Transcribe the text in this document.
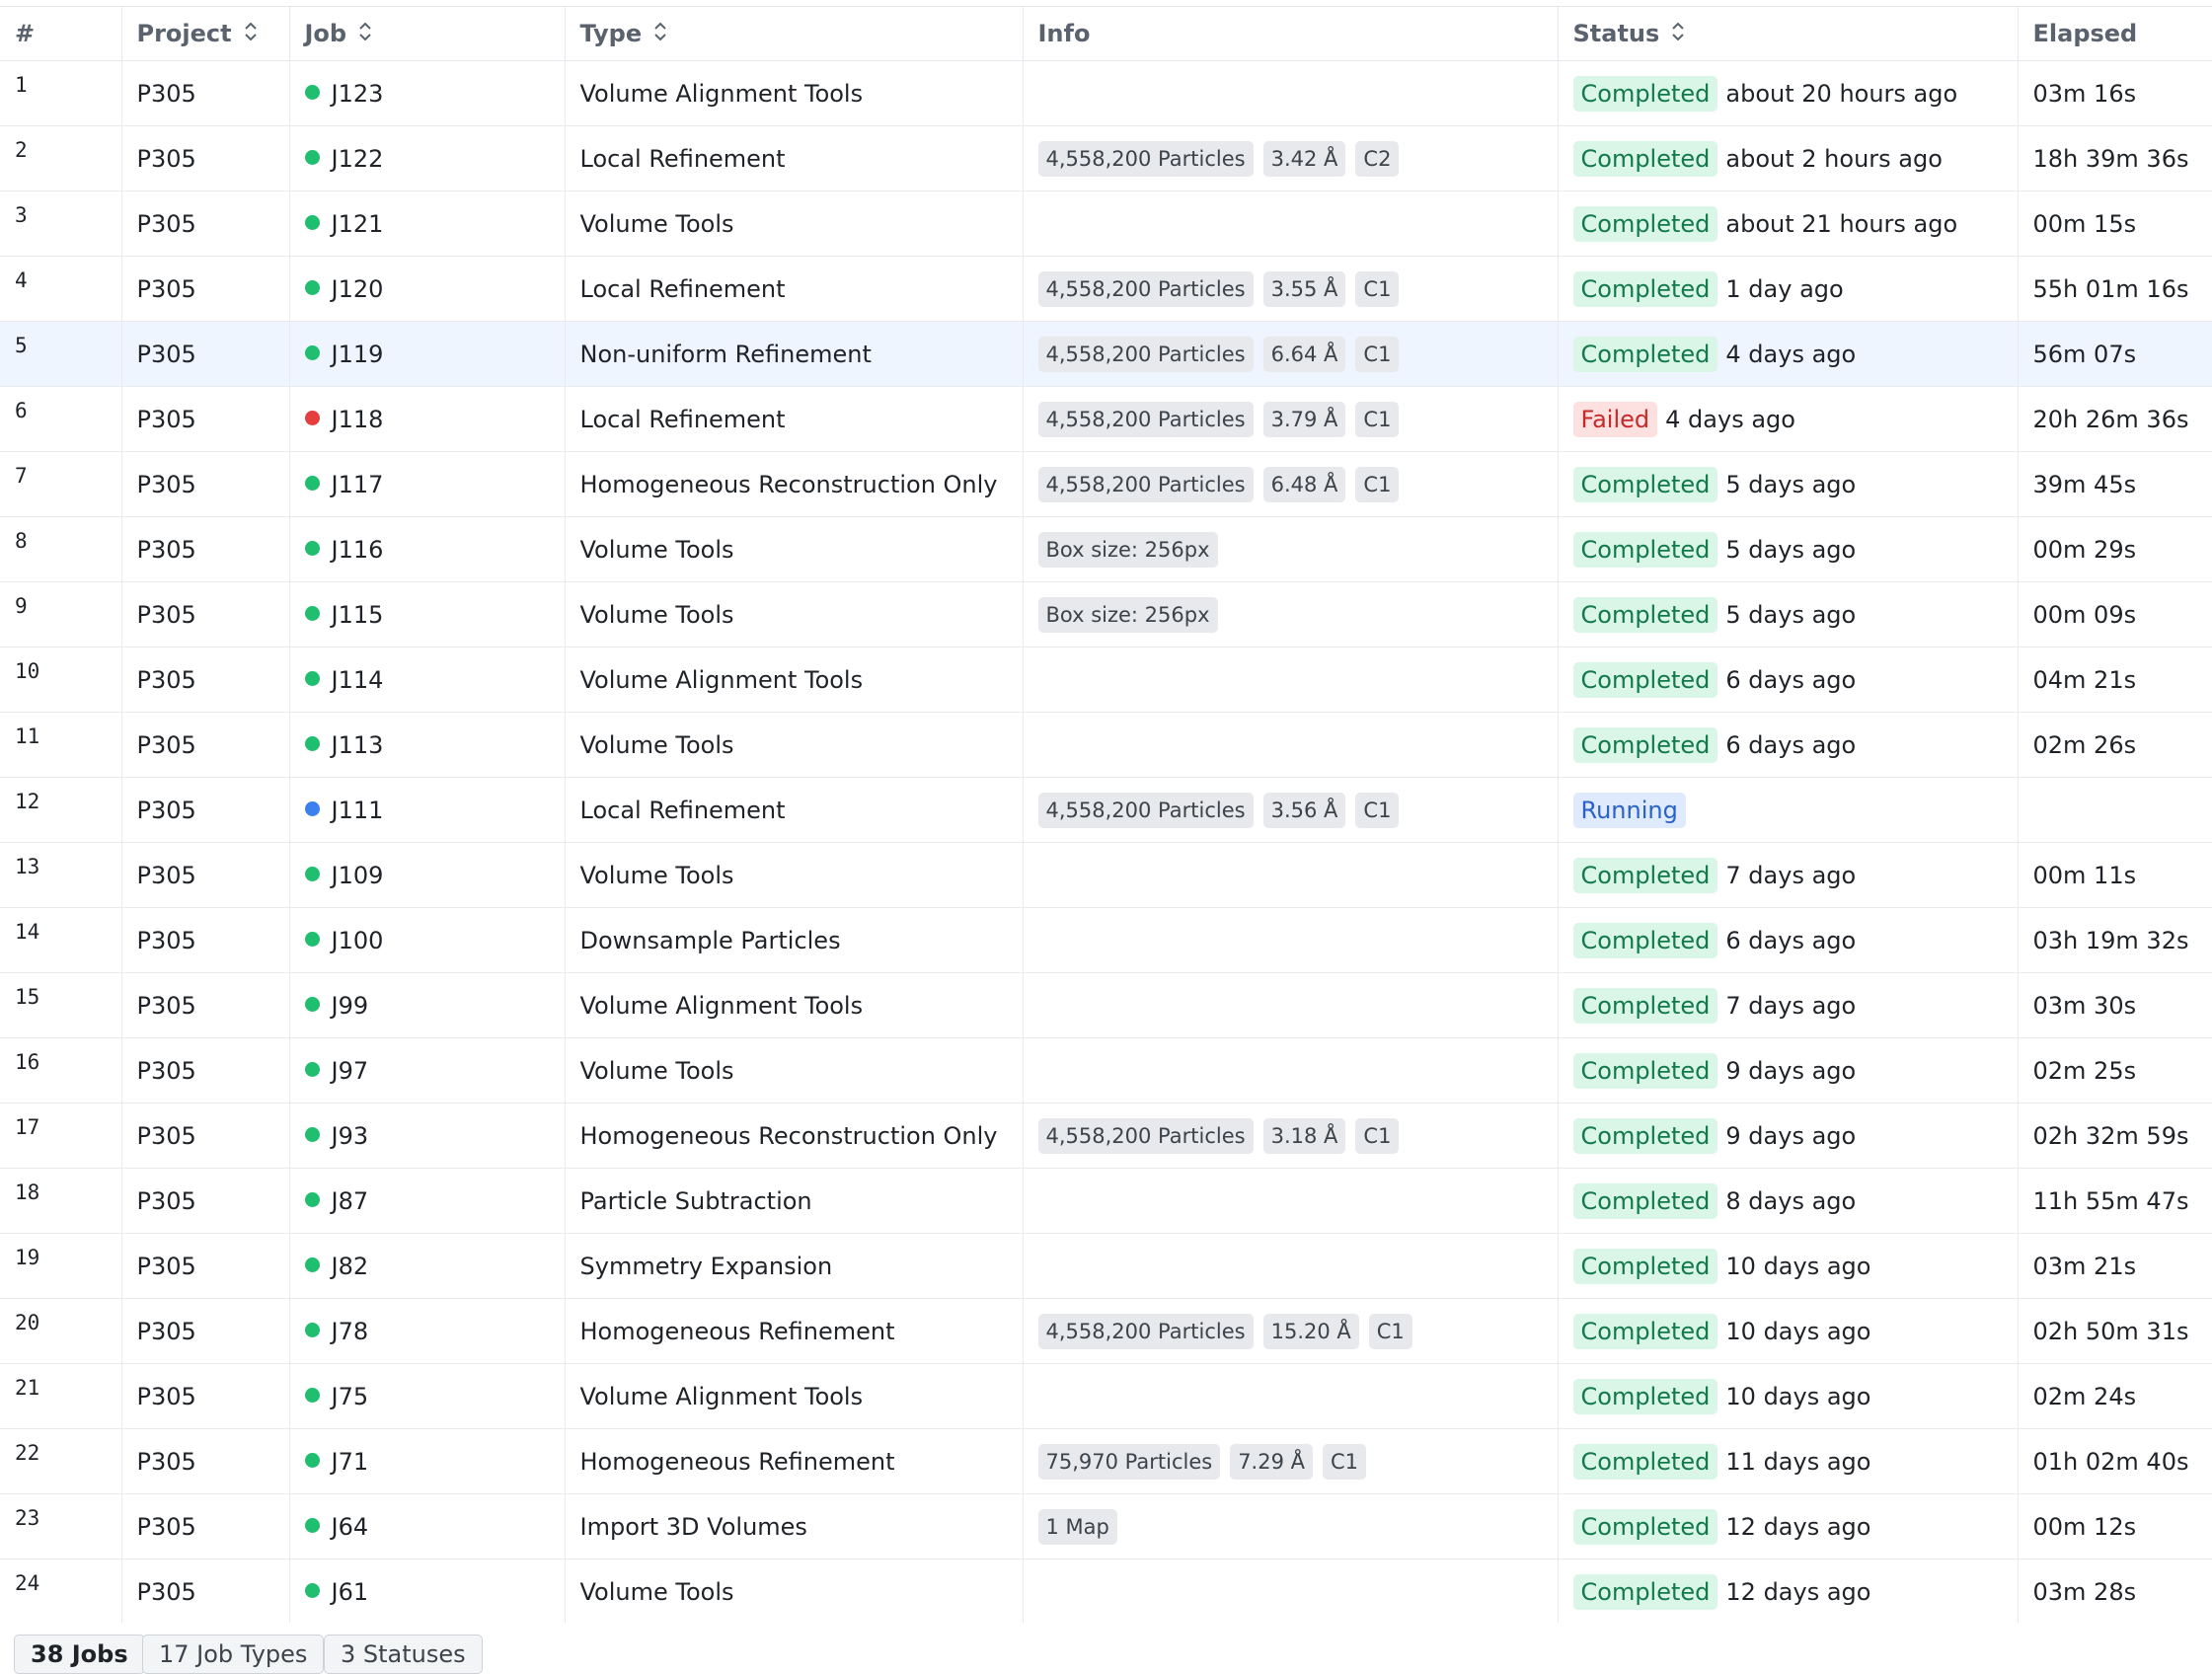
#	Project	Job	Type	Info	Status	Elapsed
1	P305	J123	Volume Alignment Tools		Completed about 20 hours ago	03m 16s
2	P305	J122	Local Refinement	4,558,200 Particles 3.42 Å C2	Completed about 2 hours ago	18h 39m 36s
3	P305	J121	Volume Tools		Completed about 21 hours ago	00m 15s
4	P305	J120	Local Refinement	4,558,200 Particles 3.55 Å C1	Completed 1 day ago	55h 01m 16s
5	P305	J119	Non-uniform Refinement	4,558,200 Particles 6.64 Å C1	Completed 4 days ago	56m 07s
6	P305	J118	Local Refinement	4,558,200 Particles 3.79 Å C1	Failed 4 days ago	20h 26m 36s
7	P305	J117	Homogeneous Reconstruction Only	4,558,200 Particles 6.48 Å C1	Completed 5 days ago	39m 45s
8	P305	J116	Volume Tools	Box size: 256px	Completed 5 days ago	00m 29s
9	P305	J115	Volume Tools	Box size: 256px	Completed 5 days ago	00m 09s
10	P305	J114	Volume Alignment Tools		Completed 6 days ago	04m 21s
11	P305	J113	Volume Tools		Completed 6 days ago	02m 26s
12	P305	J111	Local Refinement	4,558,200 Particles 3.56 Å C1	Running	
13	P305	J109	Volume Tools		Completed 7 days ago	00m 11s
14	P305	J100	Downsample Particles		Completed 6 days ago	03h 19m 32s
15	P305	J99	Volume Alignment Tools		Completed 7 days ago	03m 30s
16	P305	J97	Volume Tools		Completed 9 days ago	02m 25s
17	P305	J93	Homogeneous Reconstruction Only	4,558,200 Particles 3.18 Å C1	Completed 9 days ago	02h 32m 59s
18	P305	J87	Particle Subtraction		Completed 8 days ago	11h 55m 47s
19	P305	J82	Symmetry Expansion		Completed 10 days ago	03m 21s
20	P305	J78	Homogeneous Refinement	4,558,200 Particles 15.20 Å C1	Completed 10 days ago	02h 50m 31s
21	P305	J75	Volume Alignment Tools		Completed 10 days ago	02m 24s
22	P305	J71	Homogeneous Refinement	75,970 Particles 7.29 Å C1	Completed 11 days ago	01h 02m 40s
23	P305	J64	Import 3D Volumes	1 Map	Completed 12 days ago	00m 12s
24	P305	J61	Volume Tools		Completed 12 days ago	03m 28s

38 Jobs	17 Job Types	3 Statuses
